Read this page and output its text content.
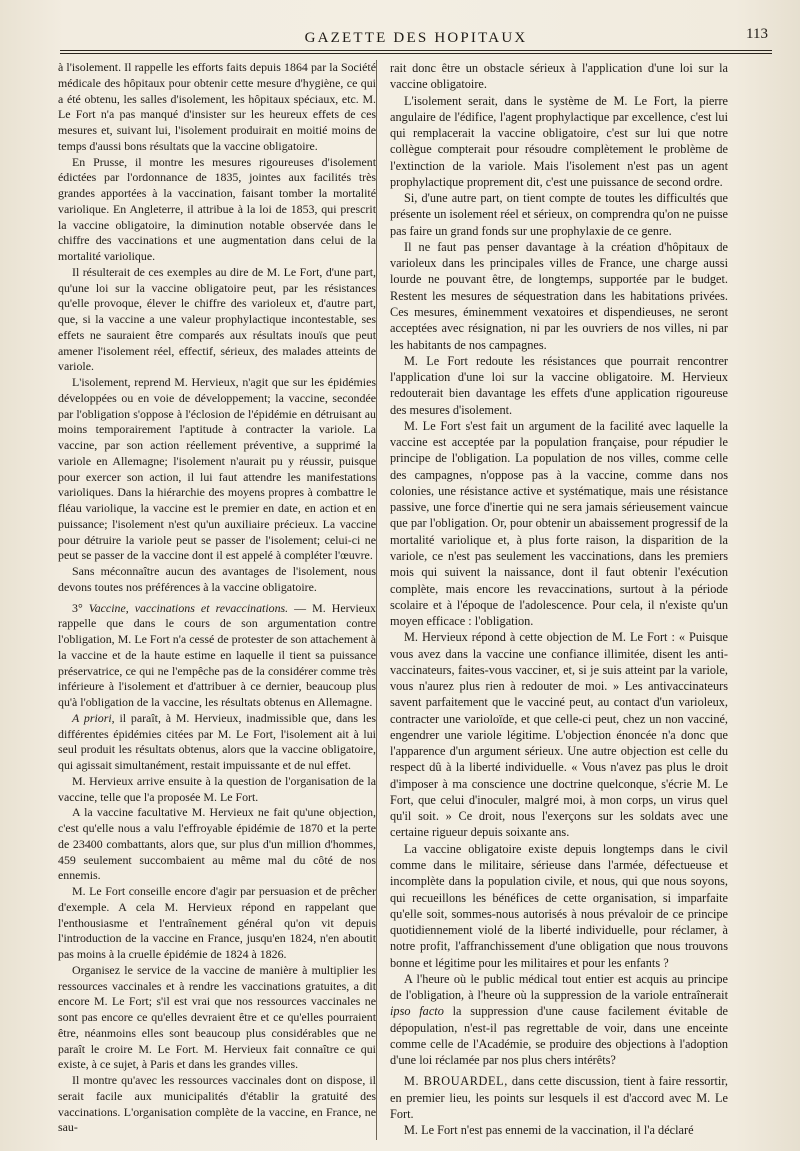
GAZETTE DES HOPITAUX	113

à l'isolement. Il rappelle les efforts faits depuis 1864 par la Société médicale des hôpitaux pour obtenir cette mesure d'hygiène, ce qui a été obtenu, les salles d'isolement, les hôpitaux spéciaux, etc. M. Le Fort n'a pas manqué d'insister sur les heureux effets de ces mesures et, suivant lui, l'isolement produirait en moitié moins de temps d'aussi bons résultats que la vaccine obligatoire.

En Prusse, il montre les mesures rigoureuses d'isolement édictées par l'ordonnance de 1835, jointes aux facilités très grandes apportées à la vaccination, faisant tomber la mortalité variolique. En Angleterre, il attribue à la loi de 1853, qui prescrit la vaccine obligatoire, la diminution notable observée dans le chiffre des vaccinations et une augmentation dans celui de la mortalité variolique.

Il résulterait de ces exemples au dire de M. Le Fort, d'une part, qu'une loi sur la vaccine obligatoire peut, par les résistances qu'elle provoque, élever le chiffre des varioleux et, d'autre part, que, si la vaccine a une valeur prophylactique incontestable, ses effets ne sauraient être comparés aux résultats inouïs que peut amener l'isolement réel, effectif, sérieux, des malades atteints de variole.

L'isolement, reprend M. Hervieux, n'agit que sur les épidémies développées ou en voie de développement; la vaccine, secondée par l'obligation s'oppose à l'éclosion de l'épidémie en détruisant au moins temporairement l'aptitude à contracter la variole. La vaccine, par son action réellement préventive, a supprimé la variole en Allemagne; l'isolement n'aurait pu y réussir, puisque pour exercer son action, il lui faut attendre les manifestations varioliques. Dans la hiérarchie des moyens propres à combattre le fléau variolique, la vaccine est le premier en date, en action et en puissance; l'isolement n'est qu'un auxiliaire précieux. La vaccine pour détruire la variole peut se passer de l'isolement; celui-ci ne peut se passer de la vaccine dont il est appelé à compléter l'œuvre.

Sans méconnaître aucun des avantages de l'isolement, nous devons toutes nos préférences à la vaccine obligatoire.

3° Vaccine, vaccinations et revaccinations. — M. Hervieux rappelle que dans le cours de son argumentation contre l'obligation, M. Le Fort n'a cessé de protester de son attachement à la vaccine et de la haute estime en laquelle il tient sa puissance préservatrice, ce qui ne l'empêche pas de la considérer comme très inférieure à l'isolement et d'attribuer à ce dernier, beaucoup plus qu'à l'obligation de la vaccine, les résultats obtenus en Allemagne.

A priori, il paraît, à M. Hervieux, inadmissible que, dans les différentes épidémies citées par M. Le Fort, l'isolement ait à lui seul produit les résultats obtenus, alors que la vaccine obligatoire, qui agissait simultanément, restait impuissante et de nul effet.

M. Hervieux arrive ensuite à la question de l'organisation de la vaccine, telle que l'a proposée M. Le Fort.

A la vaccine facultative M. Hervieux ne fait qu'une objection, c'est qu'elle nous a valu l'effroyable épidémie de 1870 et la perte de 23400 combattants, alors que, sur plus d'un million d'hommes, 459 seulement succombaient au même mal du côté de nos ennemis.

M. Le Fort conseille encore d'agir par persuasion et de prêcher d'exemple. A cela M. Hervieux répond en rappelant que l'enthousiasme et l'entraînement général qu'on vit depuis l'introduction de la vaccine en France, jusqu'en 1824, n'en aboutit pas moins à la cruelle épidémie de 1824 à 1826.

Organisez le service de la vaccine de manière à multiplier les ressources vaccinales et à rendre les vaccinations gratuites, a dit encore M. Le Fort; s'il est vrai que nos ressources vaccinales ne sont pas encore ce qu'elles devraient être et ce qu'elles pourraient être, néanmoins elles sont beaucoup plus considérables que ne paraît le croire M. Le Fort. M. Hervieux fait connaître ce qui existe, à ce sujet, à Paris et dans les grandes villes.

Il montre qu'avec les ressources vaccinales dont on dispose, il serait facile aux municipalités d'établir la gratuité des vaccinations. L'organisation complète de la vaccine, en France, ne sau-

rait donc être un obstacle sérieux à l'application d'une loi sur la vaccine obligatoire.

L'isolement serait, dans le système de M. Le Fort, la pierre angulaire de l'édifice, l'agent prophylactique par excellence, c'est lui qui remplacerait la vaccine obligatoire, c'est sur lui que notre collègue compterait pour résoudre complètement le problème de l'extinction de la variole. Mais l'isolement n'est pas un agent prophylactique proprement dit, c'est une puissance de second ordre.

Si, d'une autre part, on tient compte de toutes les difficultés que présente un isolement réel et sérieux, on comprendra qu'on ne puisse pas faire un grand fonds sur une prophylaxie de ce genre.

Il ne faut pas penser davantage à la création d'hôpitaux de varioleux dans les principales villes de France, une charge aussi lourde ne pouvant être, de longtemps, supportée par le budget. Restent les mesures de séquestration dans les habitations privées. Ces mesures, éminemment vexatoires et dispendieuses, ne seront acceptées avec résignation, ni par les ouvriers de nos villes, ni par les habitants de nos campagnes.

M. Le Fort redoute les résistances que pourrait rencontrer l'application d'une loi sur la vaccine obligatoire. M. Hervieux redouterait bien davantage les effets d'une application rigoureuse des mesures d'isolement.

M. Le Fort s'est fait un argument de la facilité avec laquelle la vaccine est acceptée par la population française, pour répudier le principe de l'obligation. La population de nos villes, comme celle des campagnes, n'oppose pas à la vaccine, comme dans nos colonies, une résistance active et systématique, mais une résistance passive, une force d'inertie qui ne sera jamais sérieusement vaincue que par l'obligation. Or, pour obtenir un abaissement progressif de la mortalité variolique et, à plus forte raison, la disparition de la variole, ce n'est pas seulement les vaccinations, dans les premiers mois qui suivent la naissance, dont il faut obtenir l'exécution complète, mais encore les revaccinations, surtout à la période scolaire et à l'époque de l'adolescence. Pour cela, il n'existe qu'un moyen efficace : l'obligation.

M. Hervieux répond à cette objection de M. Le Fort : « Puisque vous avez dans la vaccine une confiance illimitée, disent les anti-vaccinateurs, faites-vous vacciner, et, si je suis atteint par la variole, vous n'aurez plus rien à redouter de moi. » Les antivaccinateurs savent parfaitement que le vacciné peut, au contact d'un varioleux, contracter une varioloïde, et que celle-ci peut, chez un non vacciné, engendrer une variole légitime. L'objection énoncée n'a donc que l'apparence d'un argument sérieux. Une autre objection est celle du respect dû à la liberté individuelle. « Vous n'avez pas plus le droit d'imposer à ma conscience une doctrine quelconque, s'écrie M. Le Fort, que celui d'inoculer, malgré moi, à mon corps, un virus quel qu'il soit. » Ce droit, nous l'exerçons sur les soldats avec une certaine rigueur depuis soixante ans.

La vaccine obligatoire existe depuis longtemps dans le civil comme dans le militaire, sérieuse dans l'armée, défectueuse et incomplète dans la population civile, et nous, qui que nous soyons, qui recueillons les bénéfices de cette organisation, si imparfaite qu'elle soit, sommes-nous autorisés à nous prévaloir de ce principe quotidiennement violé de la liberté individuelle, pour réclamer, à notre profit, l'affranchissement d'une obligation que nous trouvons bonne et légitime pour les militaires et pour les enfants ?

A l'heure où le public médical tout entier est acquis au principe de l'obligation, à l'heure où la suppression de la variole entraînerait ipso facto la suppression d'une cause facilement évitable de dépopulation, n'est-il pas regrettable de voir, dans une enceinte comme celle de l'Académie, se produire des objections à l'adoption d'une loi réclamée par nos plus chers intérêts?

M. BROUARDEL, dans cette discussion, tient à faire ressortir, en premier lieu, les points sur lesquels il est d'accord avec M. Le Fort.

M. Le Fort n'est pas ennemi de la vaccination, il l'a déclaré
